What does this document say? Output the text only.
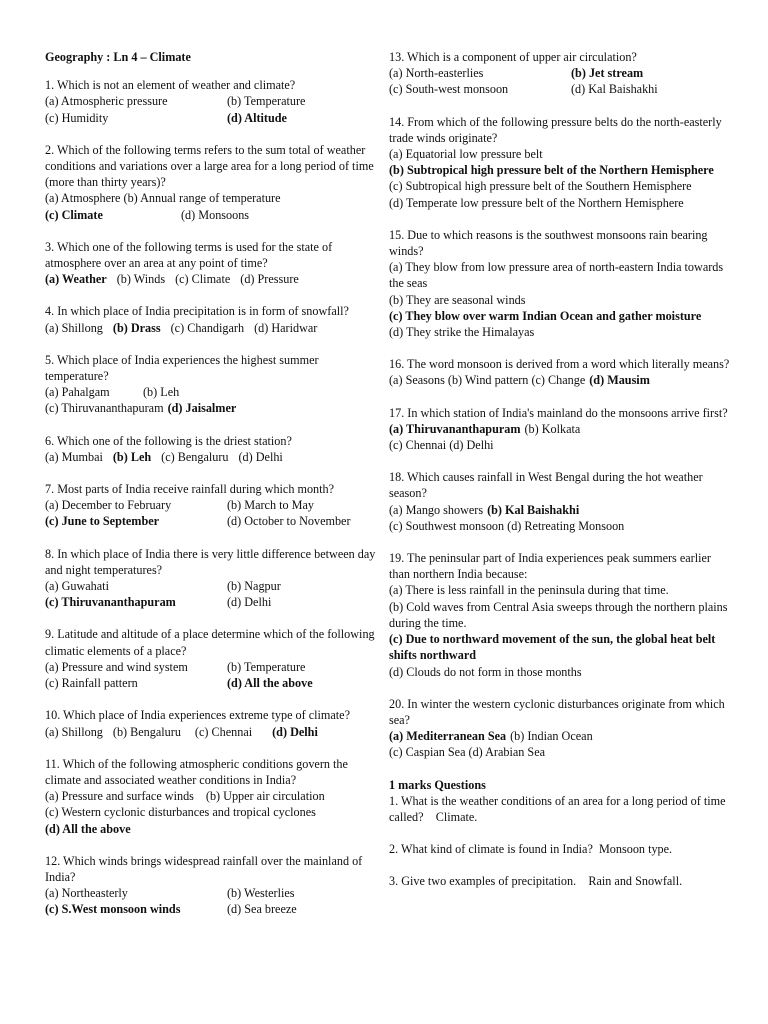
Geography : Ln 4 – Climate
1. Which is not an element of weather and climate?
(a) Atmospheric pressure	(b) Temperature
(c) Humidity	(d) Altitude
2. Which of the following terms refers to the sum total of weather conditions and variations over a large area for a long period of time (more than thirty years)?
(a) Atmosphere (b) Annual range of temperature
(c) Climate	(d) Monsoons
3. Which one of the following terms is used for the state of atmosphere over an area at any point of time?
(a) Weather (b) Winds (c) Climate (d) Pressure
4. In which place of India precipitation is in form of snowfall?
(a) Shillong (b) Drass (c) Chandigarh (d) Haridwar
5. Which place of India experiences the highest summer temperature?
(a) Pahalgam	(b) Leh
(c) Thiruvananthapuram (d) Jaisalmer
6. Which one of the following is the driest station?
(a) Mumbai (b) Leh (c) Bengaluru (d) Delhi
7. Most parts of India receive rainfall during which month?
(a) December to February	(b) March to May
(c) June to September	(d) October to November
8. In which place of India there is very little difference between day and night temperatures?
(a) Guwahati	(b) Nagpur
(c) Thiruvananthapuram	(d) Delhi
9. Latitude and altitude of a place determine which of the following climatic elements of a place?
(a) Pressure and wind system	(b) Temperature
(c) Rainfall pattern	(d) All the above
10. Which place of India experiences extreme type of climate?
(a) Shillong (b) Bengaluru (c) Chennai (d) Delhi
11. Which of the following atmospheric conditions govern the climate and associated weather conditions in India?
(a) Pressure and surface winds (b) Upper air circulation
(c) Western cyclonic disturbances and tropical cyclones
(d) All the above
12. Which winds brings widespread rainfall over the mainland of India?
(a) Northeasterly	(b) Westerlies
(c) S.West monsoon winds	(d) Sea breeze
13. Which is a component of upper air circulation?
(a) North-easterlies	(b) Jet stream
(c) South-west monsoon	(d) Kal Baishakhi
14. From which of the following pressure belts do the north-easterly trade winds originate?
(a) Equatorial low pressure belt
(b) Subtropical high pressure belt of the Northern Hemisphere
(c) Subtropical high pressure belt of the Southern Hemisphere
(d) Temperate low pressure belt of the Northern Hemisphere
15. Due to which reasons is the southwest monsoons rain bearing winds?
(a) They blow from low pressure area of north-eastern India towards the seas
(b) They are seasonal winds
(c) They blow over warm Indian Ocean and gather moisture
(d) They strike the Himalayas
16. The word monsoon is derived from a word which literally means?
(a) Seasons (b) Wind pattern (c) Change (d) Mausim
17. In which station of India's mainland do the monsoons arrive first?
(a) Thiruvananthapuram (b) Kolkata
(c) Chennai (d) Delhi
18. Which causes rainfall in West Bengal during the hot weather season?
(a) Mango showers (b) Kal Baishakhi
(c) Southwest monsoon (d) Retreating Monsoon
19. The peninsular part of India experiences peak summers earlier than northern India because:
(a) There is less rainfall in the peninsula during that time.
(b) Cold waves from Central Asia sweeps through the northern plains during the time.
(c) Due to northward movement of the sun, the global heat belt shifts northward
(d) Clouds do not form in those months
20. In winter the western cyclonic disturbances originate from which sea?
(a) Mediterranean Sea (b) Indian Ocean
(c) Caspian Sea (d) Arabian Sea
1 marks Questions
1. What is the weather conditions of an area for a long period of time called? Climate.
2. What kind of climate is found in India? Monsoon type.
3. Give two examples of precipitation. Rain and Snowfall.
